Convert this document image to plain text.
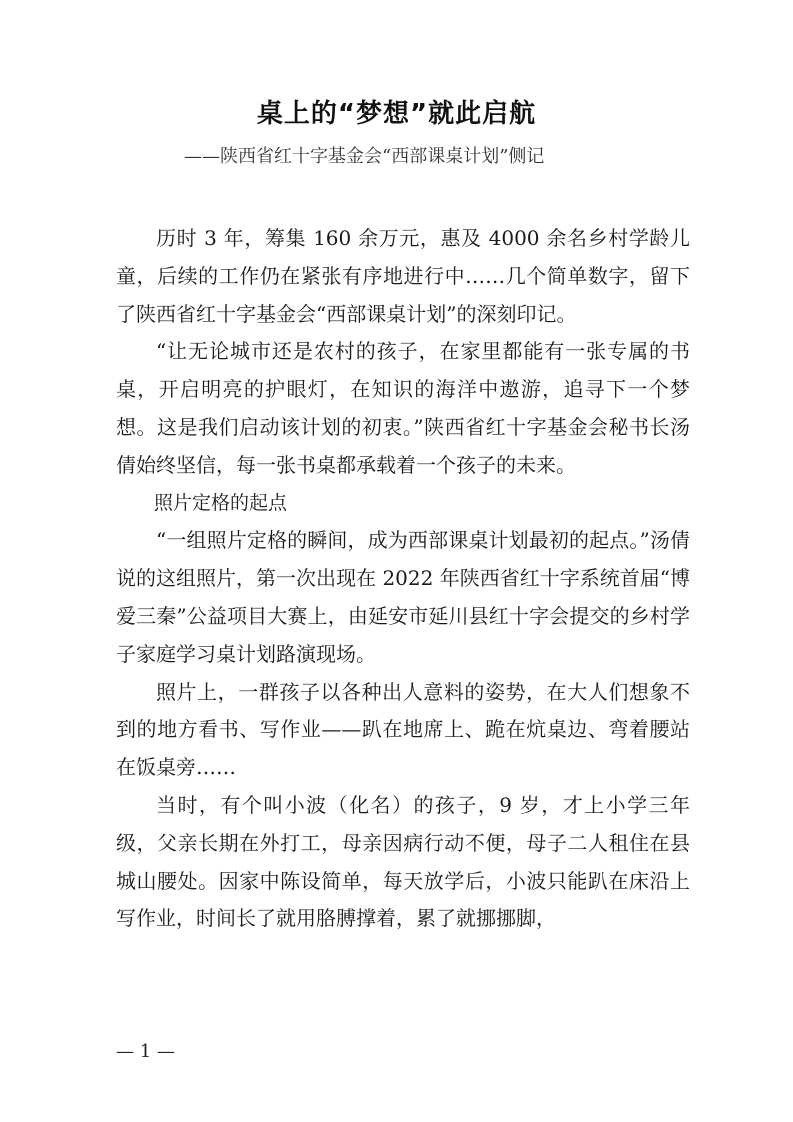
桌上的“梦想”就此启航

——陕西省红十字基金会“西部课桌计划”侧记

历时 3 年，筹集 160 余万元，惠及 4000 余名乡村学龄儿童，后续的工作仍在紧张有序地进行中……几个简单数字，留下了陕西省红十字基金会“西部课桌计划”的深刻印记。

“让无论城市还是农村的孩子，在家里都能有一张专属的书桌，开启明亮的护眼灯，在知识的海洋中遨游，追寻下一个梦想。这是我们启动该计划的初衷。”陕西省红十字基金会秘书长汤倩始终坚信，每一张书桌都承载着一个孩子的未来。

照片定格的起点

“一组照片定格的瞬间，成为西部课桌计划最初的起点。”汤倩说的这组照片，第一次出现在 2022 年陕西省红十字系统首届“博爱三秦”公益项目大赛上，由延安市延川县红十字会提交的乡村学子家庭学习桌计划路演现场。

照片上，一群孩子以各种出人意料的姿势，在大人们想象不到的地方看书、写作业——趴在地席上、跪在炕桌边、弯着腰站在饭桌旁……

当时，有个叫小波（化名）的孩子，9 岁，才上小学三年级，父亲长期在外打工，母亲因病行动不便，母子二人租住在县城山腰处。因家中陈设简单，每天放学后，小波只能趴在床沿上写作业，时间长了就用胳膊撑着，累了就挪挪脚，

— 1 —
